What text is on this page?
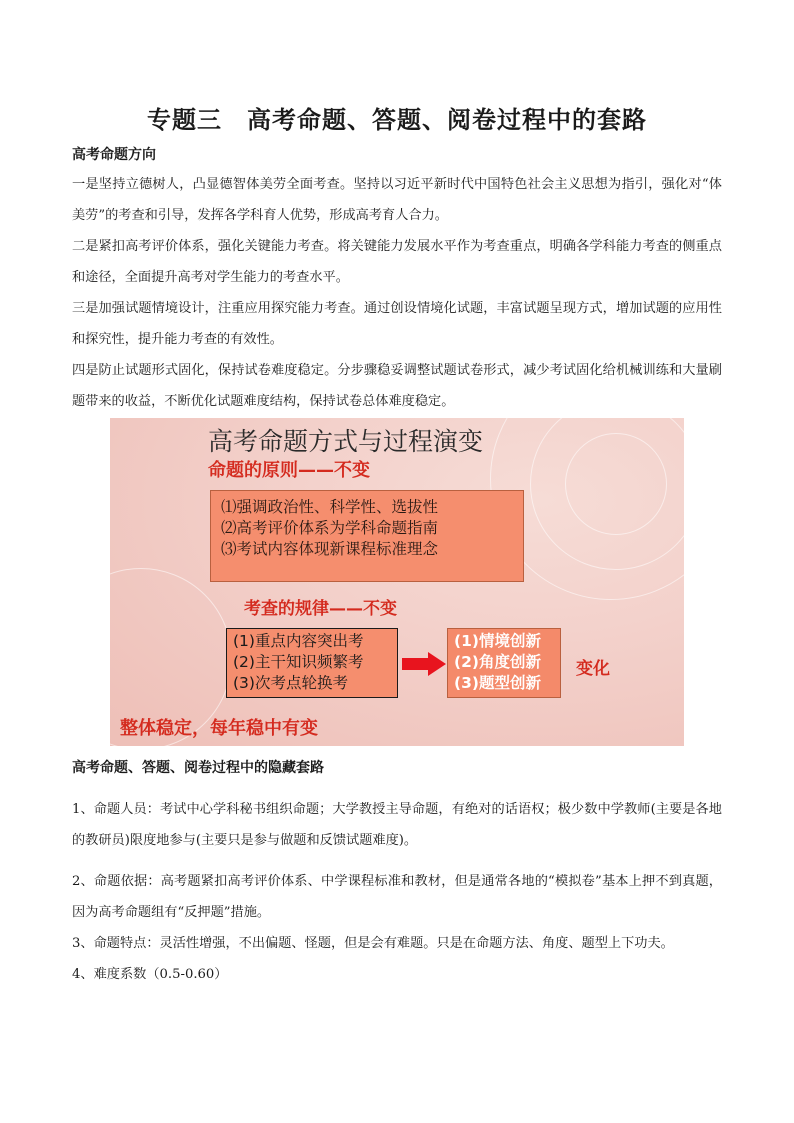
专题三　高考命题、答题、阅卷过程中的套路
高考命题方向

一是坚持立德树人，凸显德智体美劳全面考查。坚持以习近平新时代中国特色社会主义思想为指引，强化对“体美劳”的考查和引导，发挥各学科育人优势，形成高考育人合力。

二是紧扣高考评价体系，强化关键能力考查。将关键能力发展水平作为考查重点，明确各学科能力考查的侧重点和途径，全面提升高考对学生能力的考查水平。

三是加强试题情境设计，注重应用探究能力考查。通过创设情境化试题，丰富试题呈现方式，增加试题的应用性和探究性，提升能力考查的有效性。

四是防止试题形式固化，保持试卷难度稳定。分步骤稳妥调整试题试卷形式，减少考试固化给机械训练和大量刷题带来的收益，不断优化试题难度结构，保持试卷总体难度稳定。

高考命题方式与过程演变
命题的原则——不变
⑴强调政治性、科学性、选拔性
⑵高考评价体系为学科命题指南
⑶考试内容体现新课程标准理念
考查的规律——不变
(1)重点内容突出考
(2)主干知识频繁考
(3)次考点轮换考
(1)情境创新
(2)角度创新
(3)题型创新
变化
整体稳定，每年稳中有变
高考命题、答题、阅卷过程中的隐藏套路

1、命题人员：考试中心学科秘书组织命题；大学教授主导命题，有绝对的话语权；极少数中学教师(主要是各地的教研员)限度地参与(主要只是参与做题和反馈试题难度)。

2、命题依据：高考题紧扣高考评价体系、中学课程标准和教材，但是通常各地的“模拟卷”基本上押不到真题，因为高考命题组有“反押题”措施。

3、命题特点：灵活性增强，不出偏题、怪题，但是会有难题。只是在命题方法、角度、题型上下功夫。

4、难度系数（0.5-0.60）
